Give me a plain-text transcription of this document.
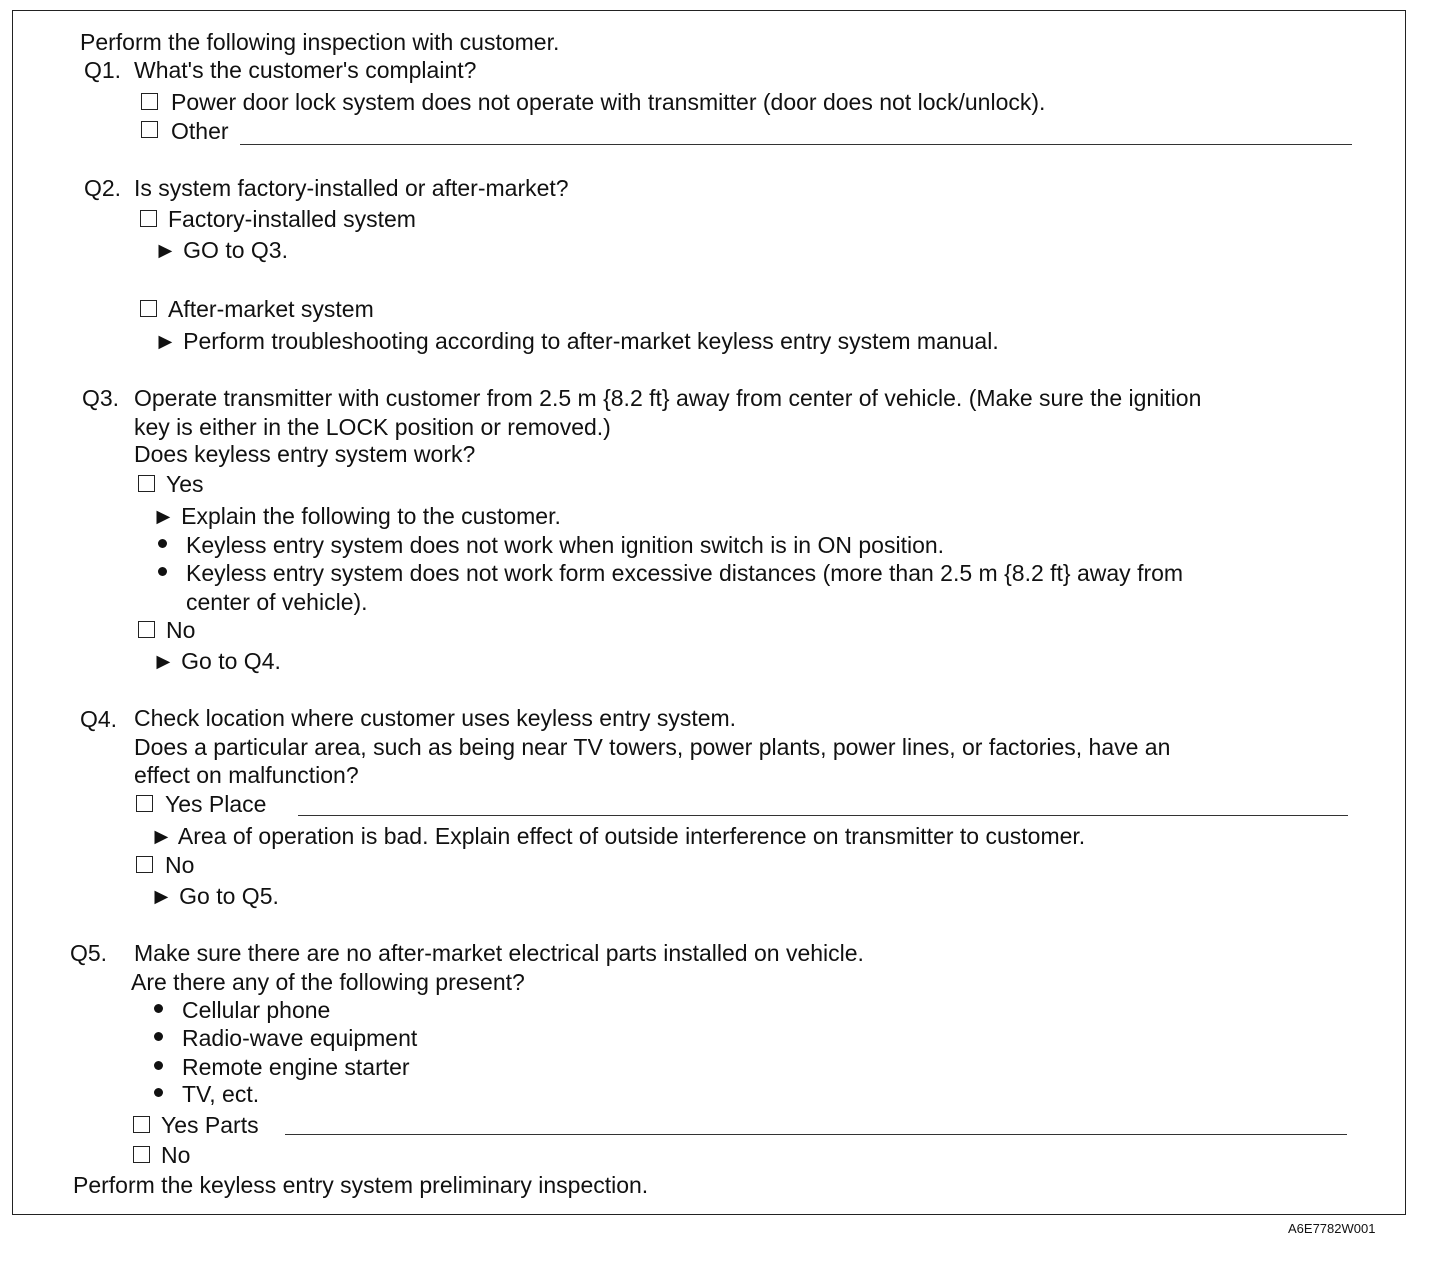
Perform the following inspection with customer.
Q1. What's the customer's complaint?
Power door lock system does not operate with transmitter (door does not lock/unlock).
Other
Q2. Is system factory-installed or after-market?
Factory-installed system
► GO to Q3.
After-market system
► Perform troubleshooting according to after-market keyless entry system manual.
Q3. Operate transmitter with customer from 2.5 m {8.2 ft} away from center of vehicle. (Make sure the ignition
key is either in the LOCK position or removed.)
Does keyless entry system work?
Yes
► Explain the following to the customer.
Keyless entry system does not work when ignition switch is in ON position.
Keyless entry system does not work form excessive distances (more than 2.5 m {8.2 ft} away from
center of vehicle).
No
► Go to Q4.
Q4. Check location where customer uses keyless entry system.
Does a particular area, such as being near TV towers, power plants, power lines, or factories, have an
effect on malfunction?
Yes Place
► Area of operation is bad. Explain effect of outside interference on transmitter to customer.
No
► Go to Q5.
Q5. Make sure there are no after-market electrical parts installed on vehicle.
Are there any of the following present?
Cellular phone
Radio-wave equipment
Remote engine starter
TV, ect.
Yes Parts
No
Perform the keyless entry system preliminary inspection.
A6E7782W001
